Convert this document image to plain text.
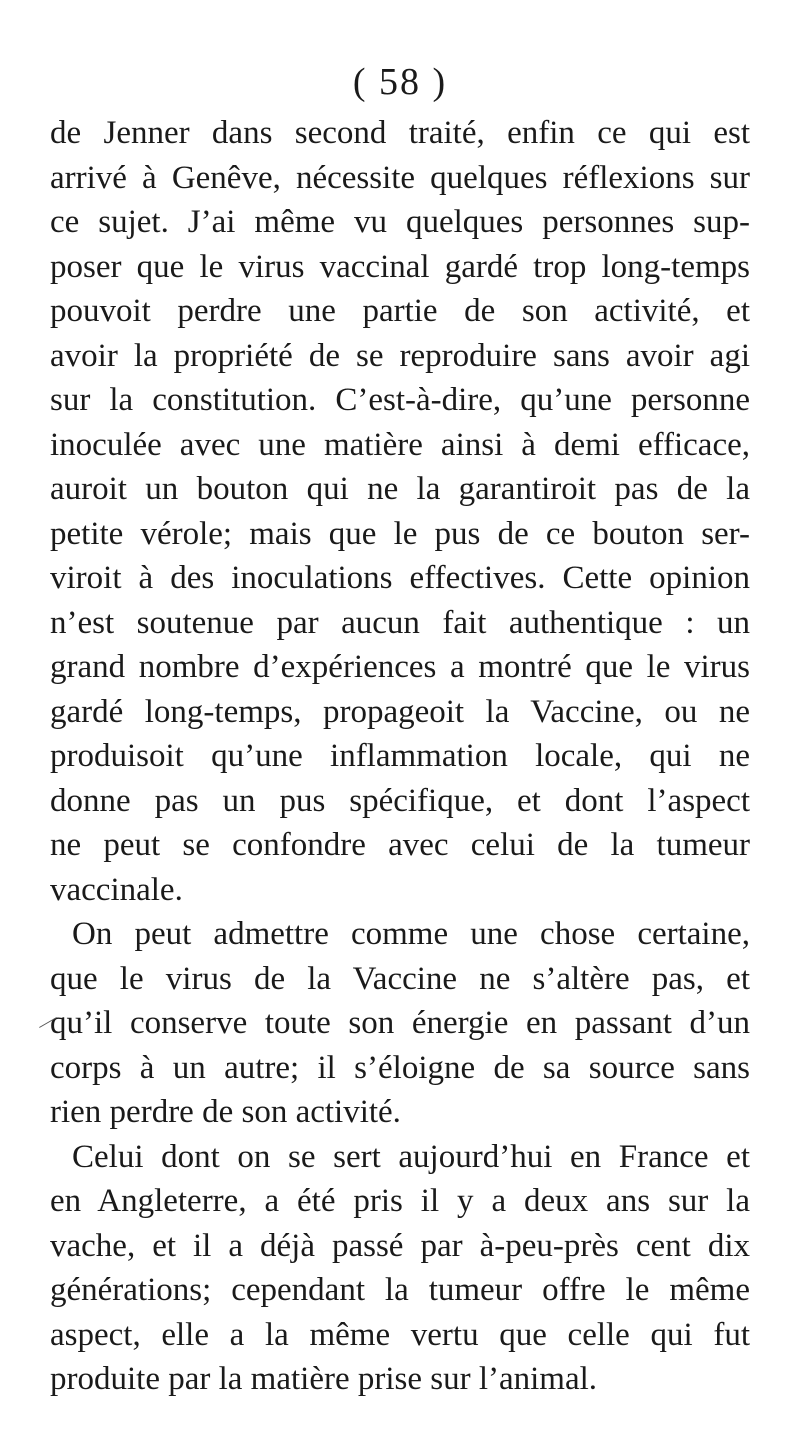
( 58 )
de Jenner dans second traité, enfin ce qui est
arrivé à Genêve, nécessite quelques réflexions sur
ce sujet. J’ai même vu quelques personnes sup-
poser que le virus vaccinal gardé trop long-temps
pouvoit perdre une partie de son activité, et
avoir la propriété de se reproduire sans avoir agi
sur la constitution. C’est-à-dire, qu’une personne
inoculée avec une matière ainsi à demi efficace,
auroit un bouton qui ne la garantiroit pas de la
petite vérole; mais que le pus de ce bouton ser-
viroit à des inoculations effectives. Cette opinion
n’est soutenue par aucun fait authentique : un
grand nombre d’expériences a montré que le virus
gardé long-temps, propageoit la Vaccine, ou ne
produisoit qu’une inflammation locale, qui ne
donne pas un pus spécifique, et dont l’aspect
ne peut se confondre avec celui de la tumeur
vaccinale.
On peut admettre comme une chose certaine,
que le virus de la Vaccine ne s’altère pas, et
qu’il conserve toute son énergie en passant d’un
corps à un autre; il s’éloigne de sa source sans
rien perdre de son activité.
Celui dont on se sert aujourd’hui en France et
en Angleterre, a été pris il y a deux ans sur la
vache, et il a déjà passé par à-peu-près cent dix
générations; cependant la tumeur offre le même
aspect, elle a la même vertu que celle qui fut
produite par la matière prise sur l’animal.
